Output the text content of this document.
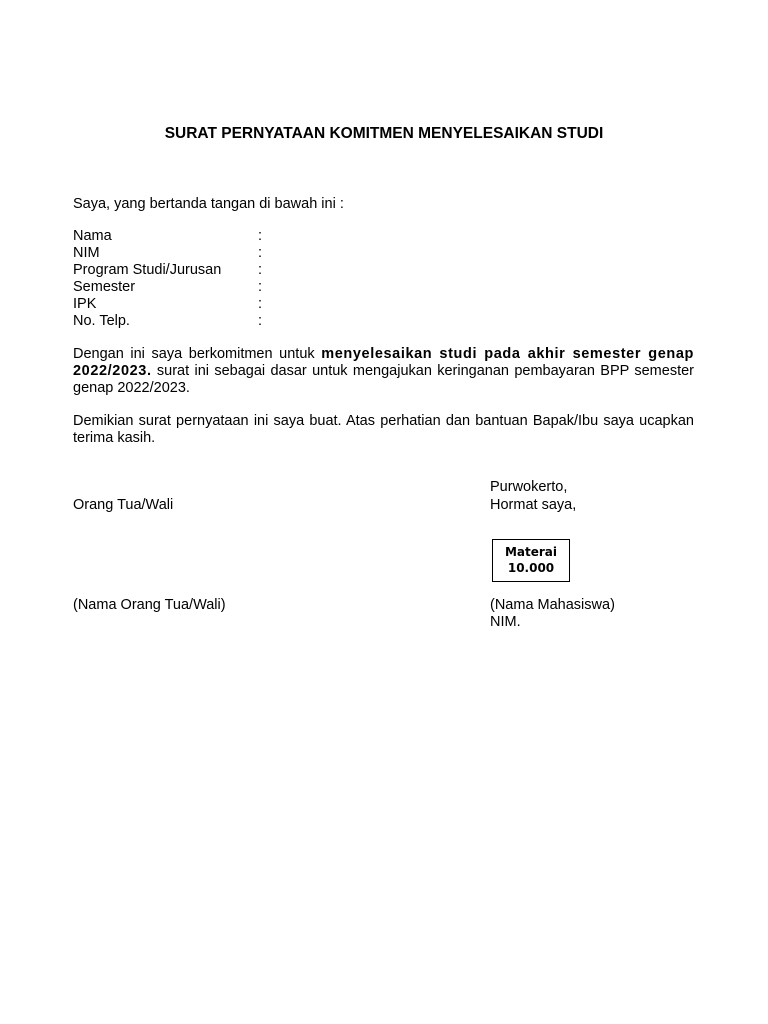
SURAT PERNYATAAN KOMITMEN MENYELESAIKAN STUDI

Saya, yang bertanda tangan di bawah ini :

Nama	:
NIM	:
Program Studi/Jurusan	:
Semester	:
IPK	:
No. Telp.	:

Dengan ini saya berkomitmen untuk menyelesaikan studi pada akhir semester genap 2022/2023. surat ini sebagai dasar untuk mengajukan keringanan pembayaran BPP semester genap 2022/2023.

Demikian surat pernyataan ini saya buat. Atas perhatian dan bantuan Bapak/Ibu saya ucapkan terima kasih.

Purwokerto,
Orang Tua/Wali	Hormat saya,
Materai
10.000
(Nama Orang Tua/Wali)	(Nama Mahasiswa)
NIM.
